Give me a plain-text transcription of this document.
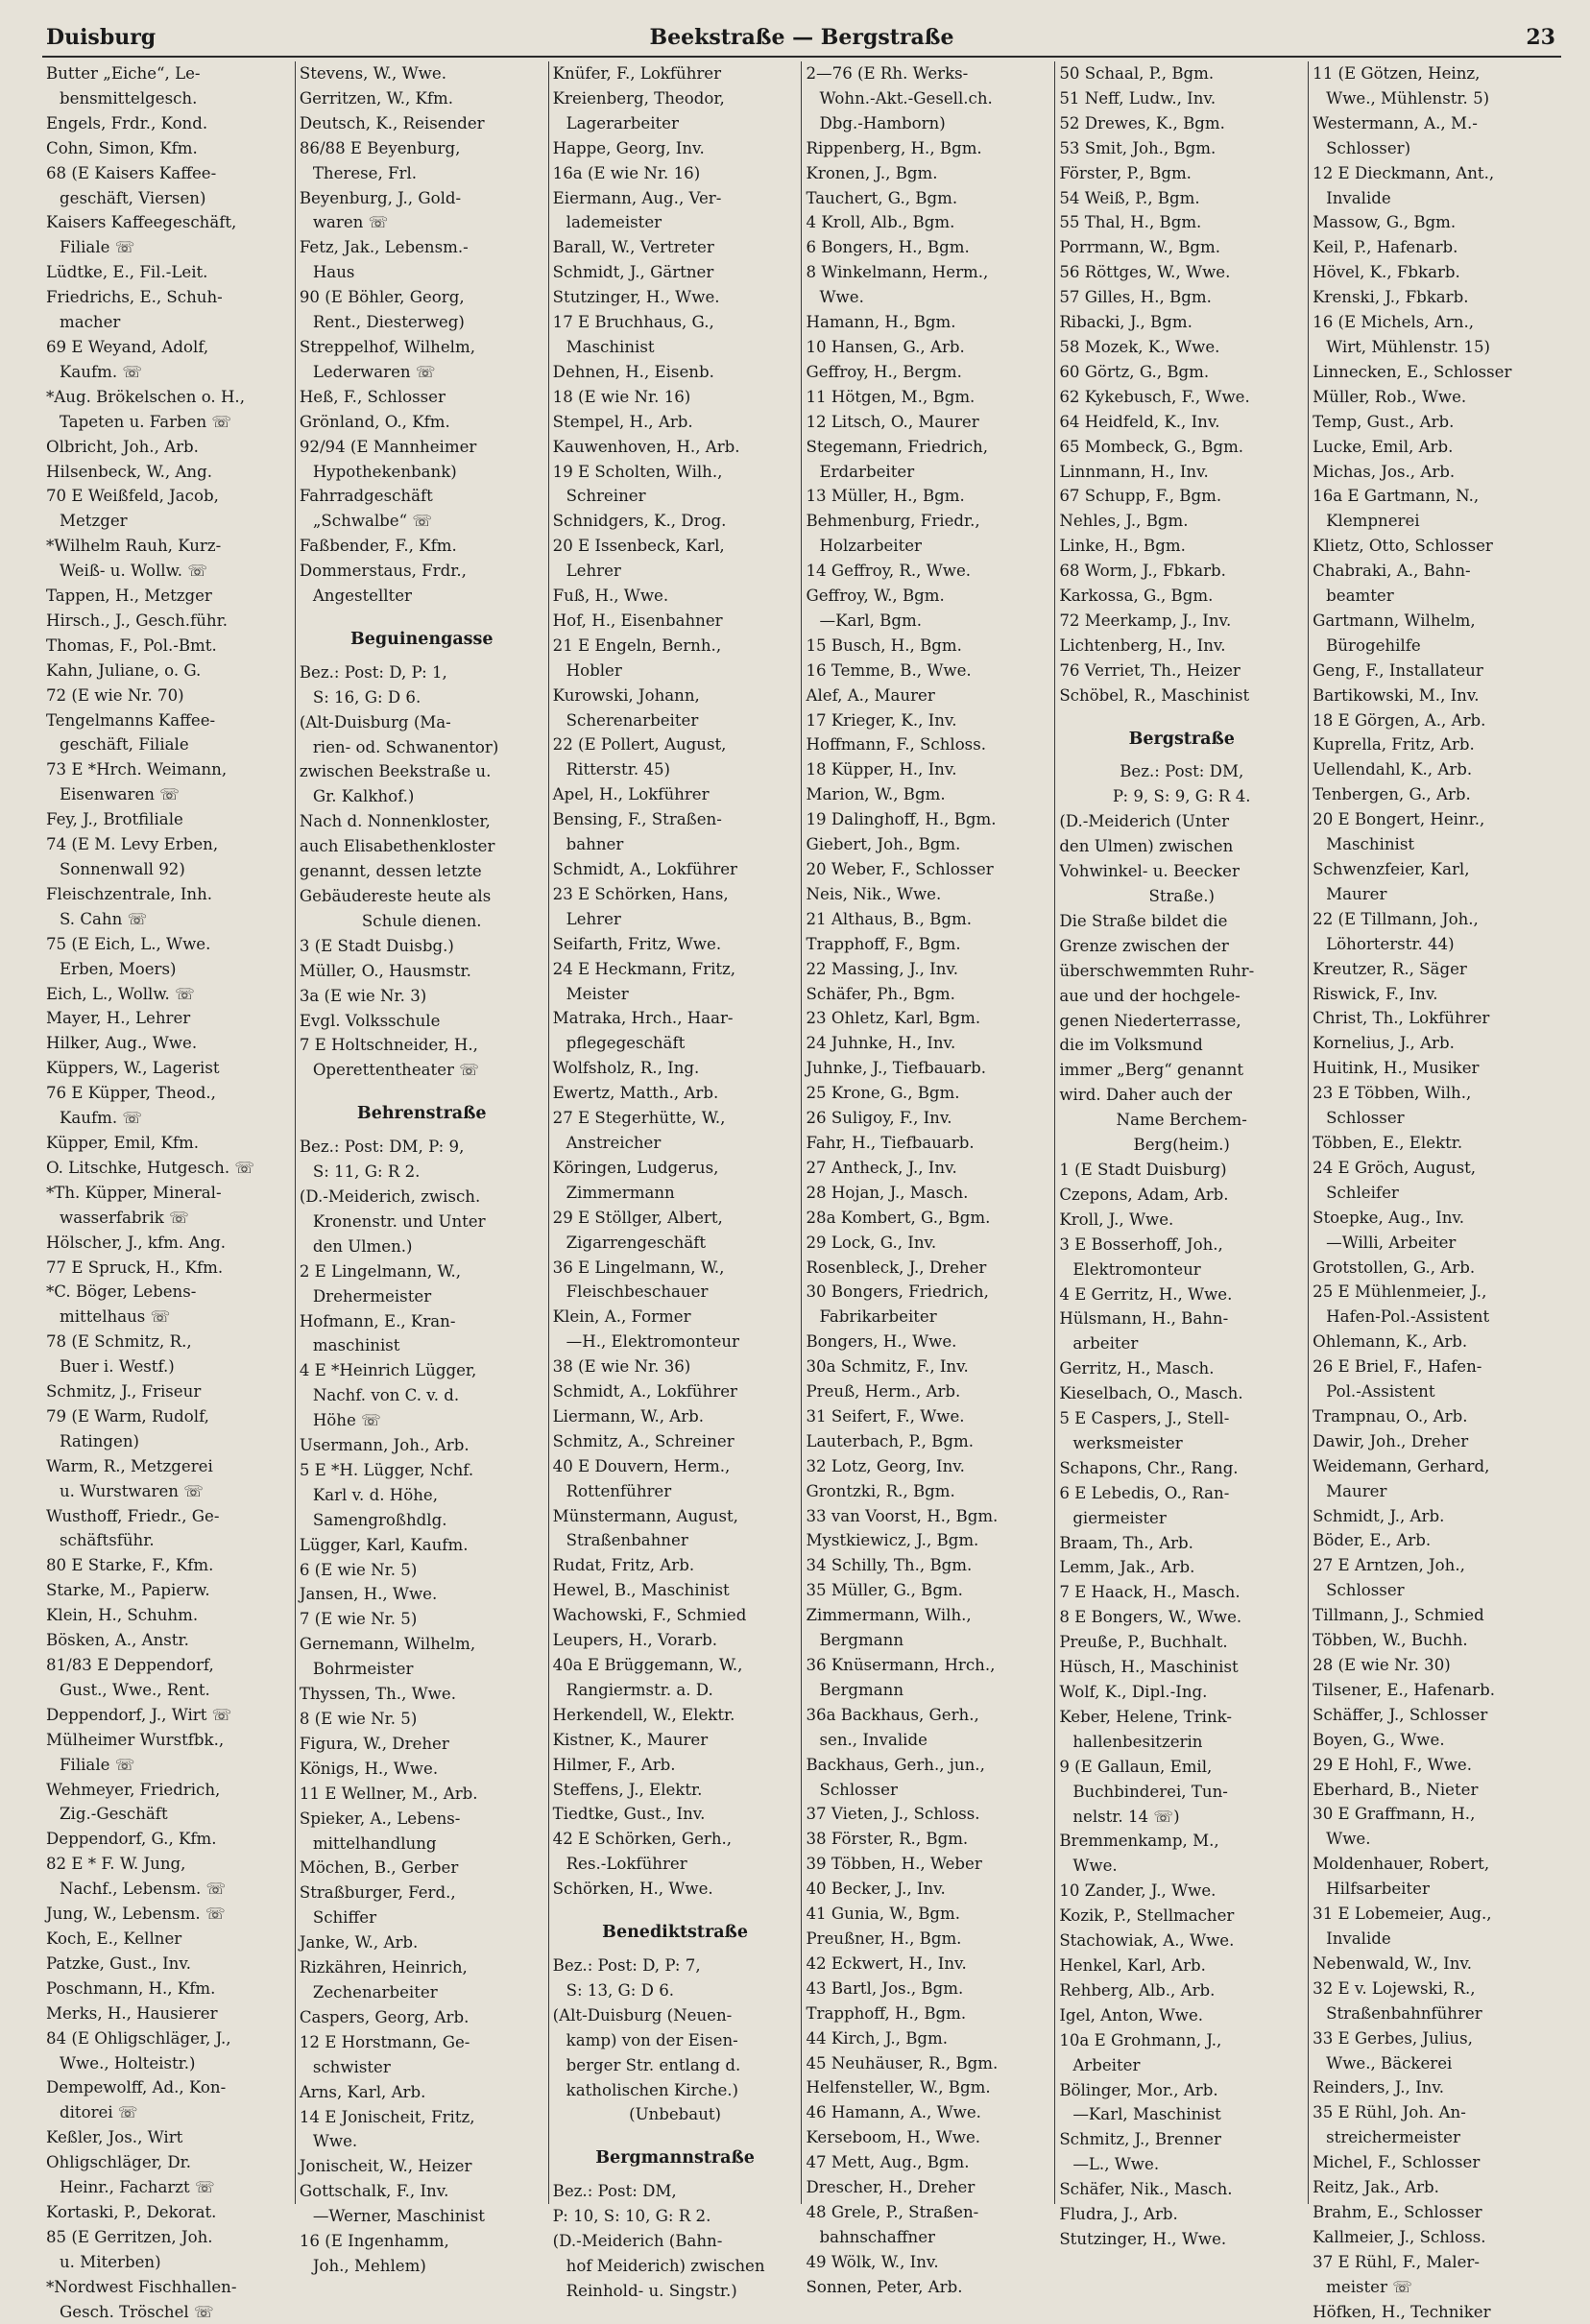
Duisburg	Beekstraße — Bergstraße	23
Butter „Eiche“, Le-
bensmittelgesch.
Engels, Frdr., Kond.
Cohn, Simon, Kfm.
68 (E Kaisers Kaffee-
geschäft, Viersen)
Kaisers Kaffeegeschäft,
Filiale ☏
Lüdtke, E., Fil.-Leit.
Friedrichs, E., Schuh-
macher
69 E Weyand, Adolf,
Kaufm. ☏
*Aug. Brökelschen o. H.,
Tapeten u. Farben ☏
Olbricht, Joh., Arb.
Hilsenbeck, W., Ang.
70 E Weißfeld, Jacob,
Metzger
*Wilhelm Rauh, Kurz-
Weiß- u. Wollw. ☏
Tappen, H., Metzger
Hirsch., J., Gesch.führ.
Thomas, F., Pol.-Bmt.
Kahn, Juliane, o. G.
72 (E wie Nr. 70)
Tengelmanns Kaffee-
geschäft, Filiale
73 E *Hrch. Weimann,
Eisenwaren ☏
Fey, J., Brotfiliale
74 (E M. Levy Erben,
Sonnenwall 92)
Fleischzentrale, Inh.
S. Cahn ☏
75 (E Eich, L., Wwe.
Erben, Moers)
Eich, L., Wollw. ☏
Mayer, H., Lehrer
Hilker, Aug., Wwe.
Küppers, W., Lagerist
76 E Küpper, Theod.,
Kaufm. ☏
Küpper, Emil, Kfm.
O. Litschke, Hutgesch. ☏
*Th. Küpper, Mineral-
wasserfabrik ☏
Hölscher, J., kfm. Ang.
77 E Spruck, H., Kfm.
*C. Böger, Lebens-
mittelhaus ☏
78 (E Schmitz, R.,
Buer i. Westf.)
Schmitz, J., Friseur
79 (E Warm, Rudolf,
Ratingen)
Warm, R., Metzgerei
u. Wurstwaren ☏
Wusthoff, Friedr., Ge-
schäftsführ.
80 E Starke, F., Kfm.
Starke, M., Papierw.
Klein, H., Schuhm.
Bösken, A., Anstr.
81/83 E Deppendorf,
Gust., Wwe., Rent.
Deppendorf, J., Wirt ☏
Mülheimer Wurstfbk.,
Filiale ☏
Wehmeyer, Friedrich,
Zig.-Geschäft
Deppendorf, G., Kfm.
82 E * F. W. Jung,
Nachf., Lebensm. ☏
Jung, W., Lebensm. ☏
Koch, E., Kellner
Patzke, Gust., Inv.
Poschmann, H., Kfm.
Merks, H., Hausierer
84 (E Ohligschläger, J.,
Wwe., Holteistr.)
Dempewolff, Ad., Kon-
ditorei ☏
Keßler, Jos., Wirt
Ohligschläger, Dr.
Heinr., Facharzt ☏
Kortaski, P., Dekorat.
85 (E Gerritzen, Joh.
u. Miterben)
*Nordwest Fischhallen-
Gesch. Tröschel ☏
Stevens, W., Wwe.
Gerritzen, W., Kfm.
Deutsch, K., Reisender
86/88 E Beyenburg,
Therese, Frl.
Beyenburg, J., Gold-
waren ☏
Fetz, Jak., Lebensm.-
Haus
90 (E Böhler, Georg,
Rent., Diesterweg)
Streppelhof, Wilhelm,
Lederwaren ☏
Heß, F., Schlosser
Grönland, O., Kfm.
92/94 (E Mannheimer
Hypothekenbank)
Fahrradgeschäft
„Schwalbe“ ☏
Faßbender, F., Kfm.
Dommerstaus, Frdr.,
Angestellter
Beguinengasse
Bez.: Post: D, P: 1,
S: 16, G: D 6.
(Alt-Duisburg (Ma-
rien- od. Schwanentor)
zwischen Beekstraße u.
Gr. Kalkhof.)
Nach d. Nonnenkloster,
auch Elisabethenkloster
genannt, dessen letzte
Gebäudereste heute als
Schule dienen.
3 (E Stadt Duisbg.)
Müller, O., Hausmstr.
3a (E wie Nr. 3)
Evgl. Volksschule
7 E Holtschneider, H.,
Operettentheater ☏
Behrenstraße
Bez.: Post: DM, P: 9,
S: 11, G: R 2.
(D.-Meiderich, zwisch.
Kronenstr. und Unter
den Ulmen.)
2 E Lingelmann, W.,
Drehermeister
Hofmann, E., Kran-
maschinist
4 E *Heinrich Lügger,
Nachf. von C. v. d.
Höhe ☏
Usermann, Joh., Arb.
5 E *H. Lügger, Nchf.
Karl v. d. Höhe,
Samengroßhdlg.
Lügger, Karl, Kaufm.
6 (E wie Nr. 5)
Jansen, H., Wwe.
7 (E wie Nr. 5)
Gernemann, Wilhelm,
Bohrmeister
Thyssen, Th., Wwe.
8 (E wie Nr. 5)
Figura, W., Dreher
Königs, H., Wwe.
11 E Wellner, M., Arb.
Spieker, A., Lebens-
mittelhandlung
Möchen, B., Gerber
Straßburger, Ferd.,
Schiffer
Janke, W., Arb.
Rizkähren, Heinrich,
Zechenarbeiter
Caspers, Georg, Arb.
12 E Horstmann, Ge-
schwister
Arns, Karl, Arb.
14 E Jonischeit, Fritz,
Wwe.
Jonischeit, W., Heizer
Gottschalk, F., Inv.
—Werner, Maschinist
16 (E Ingenhamm,
Joh., Mehlem)
Knüfer, F., Lokführer
Kreienberg, Theodor,
Lagerarbeiter
Happe, Georg, Inv.
16a (E wie Nr. 16)
Eiermann, Aug., Ver-
lademeister
Barall, W., Vertreter
Schmidt, J., Gärtner
Stutzinger, H., Wwe.
17 E Bruchhaus, G.,
Maschinist
Dehnen, H., Eisenb.
18 (E wie Nr. 16)
Stempel, H., Arb.
Kauwenhoven, H., Arb.
19 E Scholten, Wilh.,
Schreiner
Schnidgers, K., Drog.
20 E Issenbeck, Karl,
Lehrer
Fuß, H., Wwe.
Hof, H., Eisenbahner
21 E Engeln, Bernh.,
Hobler
Kurowski, Johann,
Scherenarbeiter
22 (E Pollert, August,
Ritterstr. 45)
Apel, H., Lokführer
Bensing, F., Straßen-
bahner
Schmidt, A., Lokführer
23 E Schörken, Hans,
Lehrer
Seifarth, Fritz, Wwe.
24 E Heckmann, Fritz,
Meister
Matraka, Hrch., Haar-
pflegegeschäft
Wolfsholz, R., Ing.
Ewertz, Matth., Arb.
27 E Stegerhütte, W.,
Anstreicher
Köringen, Ludgerus,
Zimmermann
29 E Stöllger, Albert,
Zigarrengeschäft
36 E Lingelmann, W.,
Fleischbeschauer
Klein, A., Former
—H., Elektromonteur
38 (E wie Nr. 36)
Schmidt, A., Lokführer
Liermann, W., Arb.
Schmitz, A., Schreiner
40 E Douvern, Herm.,
Rottenführer
Münstermann, August,
Straßenbahner
Rudat, Fritz, Arb.
Hewel, B., Maschinist
Wachowski, F., Schmied
Leupers, H., Vorarb.
40a E Brüggemann, W.,
Rangiermstr. a. D.
Herkendell, W., Elektr.
Kistner, K., Maurer
Hilmer, F., Arb.
Steffens, J., Elektr.
Tiedtke, Gust., Inv.
42 E Schörken, Gerh.,
Res.-Lokführer
Schörken, H., Wwe.
Benediktstraße
Bez.: Post: D, P: 7,
S: 13, G: D 6.
(Alt-Duisburg (Neuen-
kamp) von der Eisen-
berger Str. entlang d.
katholischen Kirche.)
(Unbebaut)
Bergmannstraße
Bez.: Post: DM,
P: 10, S: 10, G: R 2.
(D.-Meiderich (Bahn-
hof Meiderich) zwischen
Reinhold- u. Singstr.)
2—76 (E Rh. Werks-
Wohn.-Akt.-Gesell.ch.
Dbg.-Hamborn)
Rippenberg, H., Bgm.
Kronen, J., Bgm.
Tauchert, G., Bgm.
4 Kroll, Alb., Bgm.
6 Bongers, H., Bgm.
8 Winkelmann, Herm.,
Wwe.
Hamann, H., Bgm.
10 Hansen, G., Arb.
Geffroy, H., Bergm.
11 Hötgen, M., Bgm.
12 Litsch, O., Maurer
Stegemann, Friedrich,
Erdarbeiter
13 Müller, H., Bgm.
Behmenburg, Friedr.,
Holzarbeiter
14 Geffroy, R., Wwe.
Geffroy, W., Bgm.
—Karl, Bgm.
15 Busch, H., Bgm.
16 Temme, B., Wwe.
Alef, A., Maurer
17 Krieger, K., Inv.
Hoffmann, F., Schloss.
18 Küpper, H., Inv.
Marion, W., Bgm.
19 Dalinghoff, H., Bgm.
Giebert, Joh., Bgm.
20 Weber, F., Schlosser
Neis, Nik., Wwe.
21 Althaus, B., Bgm.
Trapphoff, F., Bgm.
22 Massing, J., Inv.
Schäfer, Ph., Bgm.
23 Ohletz, Karl, Bgm.
24 Juhnke, H., Inv.
Juhnke, J., Tiefbauarb.
25 Krone, G., Bgm.
26 Suligoy, F., Inv.
Fahr, H., Tiefbauarb.
27 Antheck, J., Inv.
28 Hojan, J., Masch.
28a Kombert, G., Bgm.
29 Lock, G., Inv.
Rosenbleck, J., Dreher
30 Bongers, Friedrich,
Fabrikarbeiter
Bongers, H., Wwe.
30a Schmitz, F., Inv.
Preuß, Herm., Arb.
31 Seifert, F., Wwe.
Lauterbach, P., Bgm.
32 Lotz, Georg, Inv.
Grontzki, R., Bgm.
33 van Voorst, H., Bgm.
Mystkiewicz, J., Bgm.
34 Schilly, Th., Bgm.
35 Müller, G., Bgm.
Zimmermann, Wilh.,
Bergmann
36 Knüsermann, Hrch.,
Bergmann
36a Backhaus, Gerh.,
sen., Invalide
Backhaus, Gerh., jun.,
Schlosser
37 Vieten, J., Schloss.
38 Förster, R., Bgm.
39 Többen, H., Weber
40 Becker, J., Inv.
41 Gunia, W., Bgm.
Preußner, H., Bgm.
42 Eckwert, H., Inv.
43 Bartl, Jos., Bgm.
Trapphoff, H., Bgm.
44 Kirch, J., Bgm.
45 Neuhäuser, R., Bgm.
Helfensteller, W., Bgm.
46 Hamann, A., Wwe.
Kerseboom, H., Wwe.
47 Mett, Aug., Bgm.
Drescher, H., Dreher
48 Grele, P., Straßen-
bahnschaffner
49 Wölk, W., Inv.
Sonnen, Peter, Arb.
50 Schaal, P., Bgm.
51 Neff, Ludw., Inv.
52 Drewes, K., Bgm.
53 Smit, Joh., Bgm.
Förster, P., Bgm.
54 Weiß, P., Bgm.
55 Thal, H., Bgm.
Porrmann, W., Bgm.
56 Röttges, W., Wwe.
57 Gilles, H., Bgm.
Ribacki, J., Bgm.
58 Mozek, K., Wwe.
60 Görtz, G., Bgm.
62 Kykebusch, F., Wwe.
64 Heidfeld, K., Inv.
65 Mombeck, G., Bgm.
Linnmann, H., Inv.
67 Schupp, F., Bgm.
Nehles, J., Bgm.
Linke, H., Bgm.
68 Worm, J., Fbkarb.
Karkossa, G., Bgm.
72 Meerkamp, J., Inv.
Lichtenberg, H., Inv.
76 Verriet, Th., Heizer
Schöbel, R., Maschinist
Bergstraße
Bez.: Post: DM,
P: 9, S: 9, G: R 4.
(D.-Meiderich (Unter
den Ulmen) zwischen
Vohwinkel- u. Beecker
Straße.)
Die Straße bildet die
Grenze zwischen der
überschwemmten Ruhr-
aue und der hochgele-
genen Niederterrasse,
die im Volksmund
immer „Berg“ genannt
wird. Daher auch der
Name Berchem-
Berg(heim.)
1 (E Stadt Duisburg)
Czepons, Adam, Arb.
Kroll, J., Wwe.
3 E Bosserhoff, Joh.,
Elektromonteur
4 E Gerritz, H., Wwe.
Hülsmann, H., Bahn-
arbeiter
Gerritz, H., Masch.
Kieselbach, O., Masch.
5 E Caspers, J., Stell-
werksmeister
Schapons, Chr., Rang.
6 E Lebedis, O., Ran-
giermeister
Braam, Th., Arb.
Lemm, Jak., Arb.
7 E Haack, H., Masch.
8 E Bongers, W., Wwe.
Preuße, P., Buchhalt.
Hüsch, H., Maschinist
Wolf, K., Dipl.-Ing.
Keber, Helene, Trink-
hallenbesitzerin
9 (E Gallaun, Emil,
Buchbinderei, Tun-
nelstr. 14 ☏)
Bremmenkamp, M.,
Wwe.
10 Zander, J., Wwe.
Kozik, P., Stellmacher
Stachowiak, A., Wwe.
Henkel, Karl, Arb.
Rehberg, Alb., Arb.
Igel, Anton, Wwe.
10a E Grohmann, J.,
Arbeiter
Bölinger, Mor., Arb.
—Karl, Maschinist
Schmitz, J., Brenner
—L., Wwe.
Schäfer, Nik., Masch.
Fludra, J., Arb.
Stutzinger, H., Wwe.
11 (E Götzen, Heinz,
Wwe., Mühlenstr. 5)
Westermann, A., M.-
Schlosser)
12 E Dieckmann, Ant.,
Invalide
Massow, G., Bgm.
Keil, P., Hafenarb.
Hövel, K., Fbkarb.
Krenski, J., Fbkarb.
16 (E Michels, Arn.,
Wirt, Mühlenstr. 15)
Linnecken, E., Schlosser
Müller, Rob., Wwe.
Temp, Gust., Arb.
Lucke, Emil, Arb.
Michas, Jos., Arb.
16a E Gartmann, N.,
Klempnerei
Klietz, Otto, Schlosser
Chabraki, A., Bahn-
beamter
Gartmann, Wilhelm,
Bürogehilfe
Geng, F., Installateur
Bartikowski, M., Inv.
18 E Görgen, A., Arb.
Kuprella, Fritz, Arb.
Uellendahl, K., Arb.
Tenbergen, G., Arb.
20 E Bongert, Heinr.,
Maschinist
Schwenzfeier, Karl,
Maurer
22 (E Tillmann, Joh.,
Löhorterstr. 44)
Kreutzer, R., Säger
Riswick, F., Inv.
Christ, Th., Lokführer
Kornelius, J., Arb.
Huitink, H., Musiker
23 E Többen, Wilh.,
Schlosser
Többen, E., Elektr.
24 E Gröch, August,
Schleifer
Stoepke, Aug., Inv.
—Willi, Arbeiter
Grotstollen, G., Arb.
25 E Mühlenmeier, J.,
Hafen-Pol.-Assistent
Ohlemann, K., Arb.
26 E Briel, F., Hafen-
Pol.-Assistent
Trampnau, O., Arb.
Dawir, Joh., Dreher
Weidemann, Gerhard,
Maurer
Schmidt, J., Arb.
Böder, E., Arb.
27 E Arntzen, Joh.,
Schlosser
Tillmann, J., Schmied
Többen, W., Buchh.
28 (E wie Nr. 30)
Tilsener, E., Hafenarb.
Schäffer, J., Schlosser
Boyen, G., Wwe.
29 E Hohl, F., Wwe.
Eberhard, B., Nieter
30 E Graffmann, H.,
Wwe.
Moldenhauer, Robert,
Hilfsarbeiter
31 E Lobemeier, Aug.,
Invalide
Nebenwald, W., Inv.
32 E v. Lojewski, R.,
Straßenbahnführer
33 E Gerbes, Julius,
Wwe., Bäckerei
Reinders, J., Inv.
35 E Rühl, Joh. An-
streichermeister
Michel, F., Schlosser
Reitz, Jak., Arb.
Brahm, E., Schlosser
Kallmeier, J., Schloss.
37 E Rühl, F., Maler-
meister ☏
Höfken, H., Techniker
